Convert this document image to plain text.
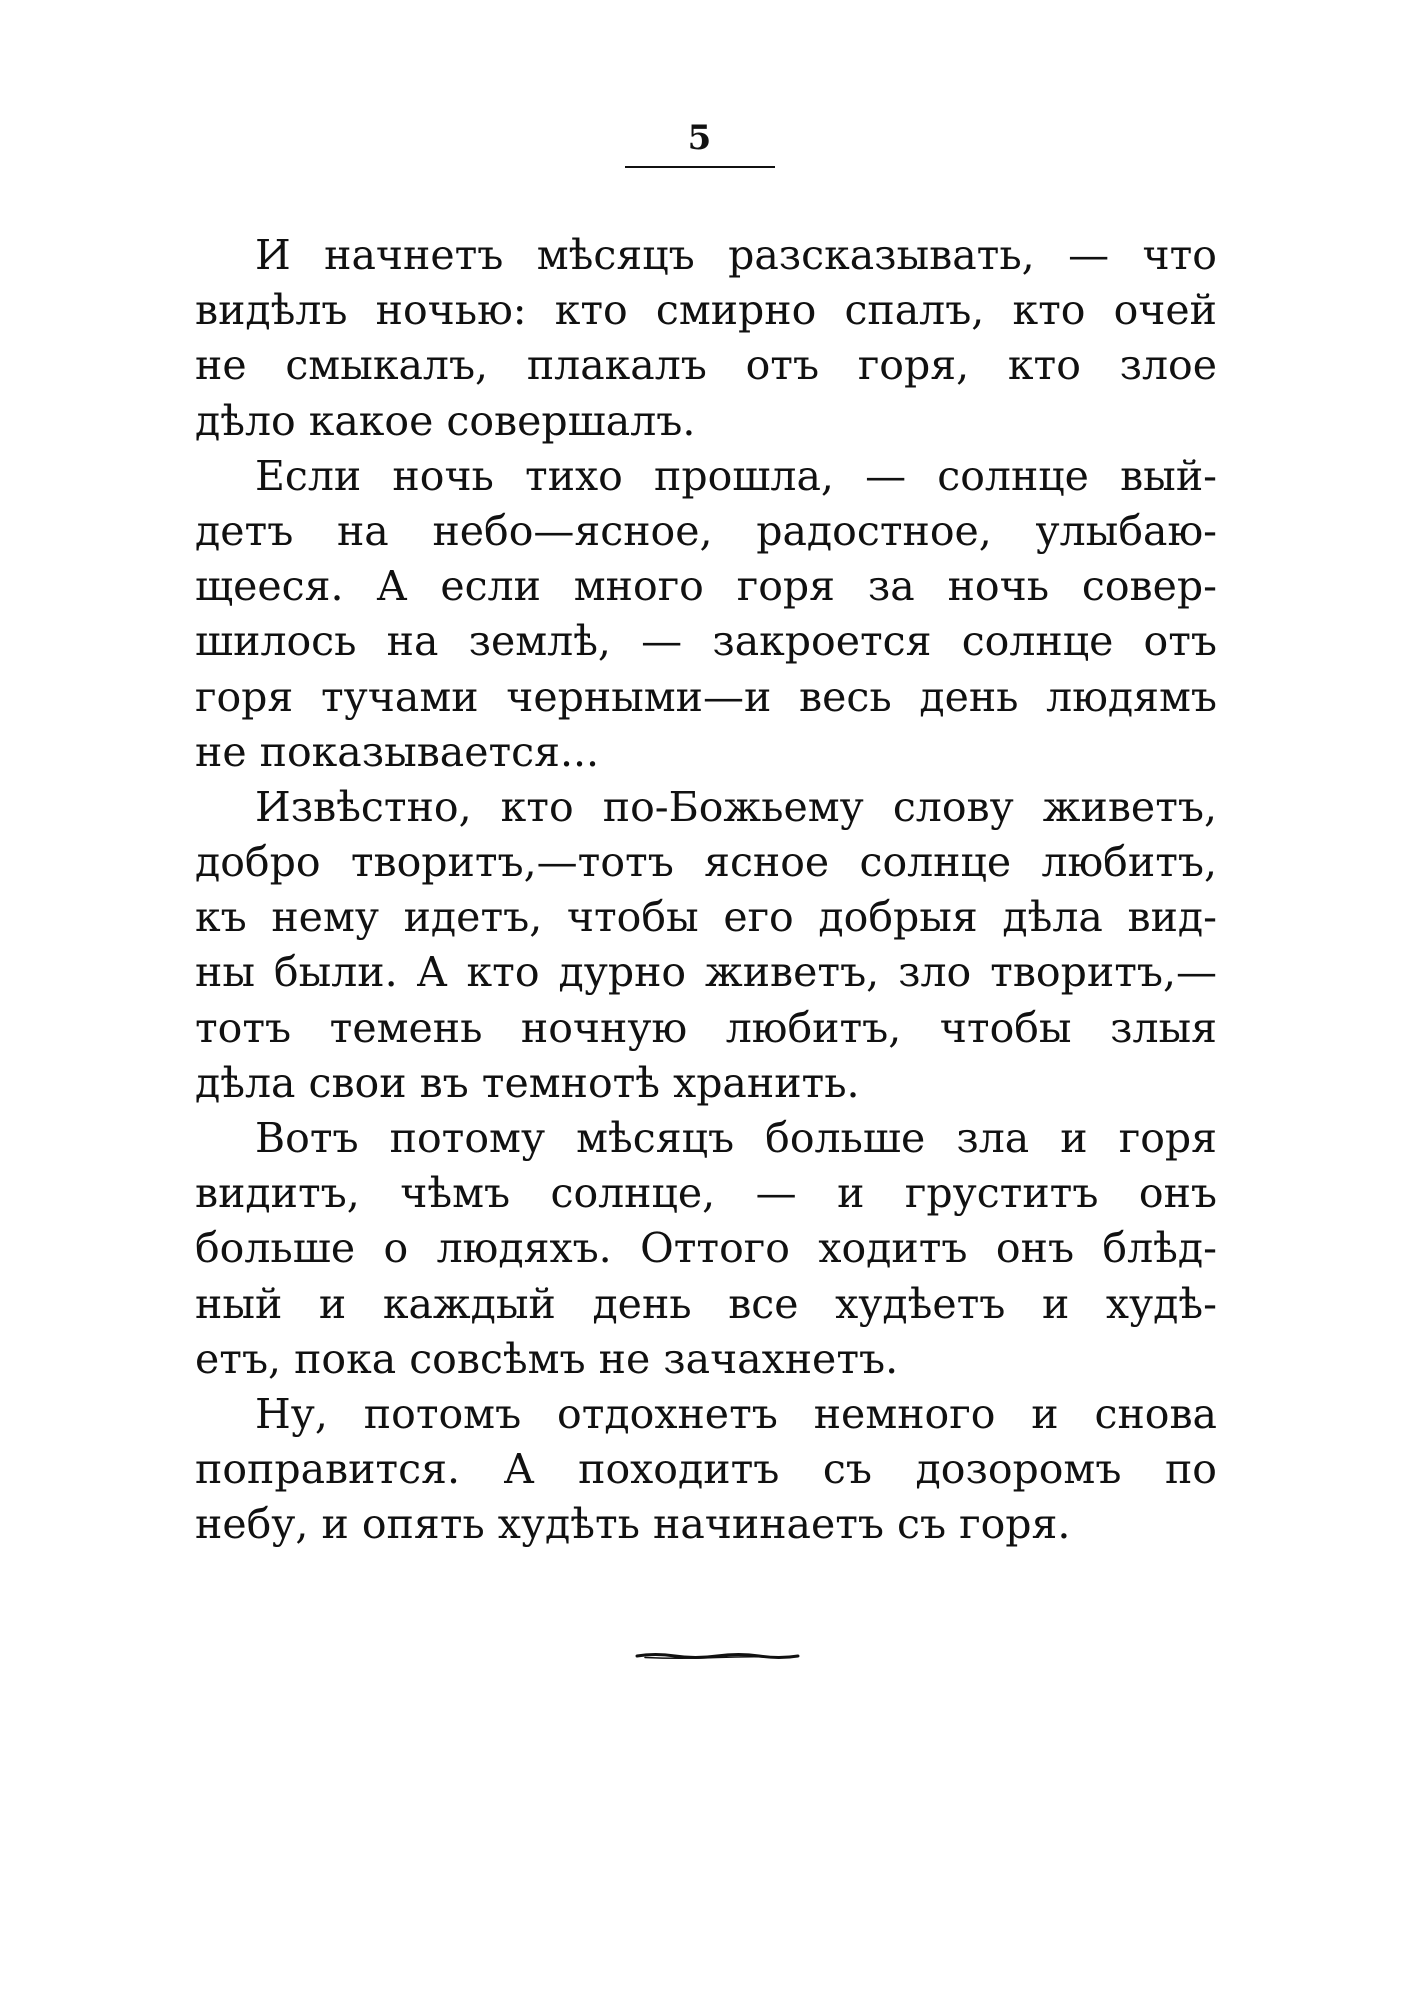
5

И начнетъ мѣсяцъ разсказывать, — что
видѣлъ ночью: кто смирно спалъ, кто очей
не смыкалъ, плакалъ отъ горя, кто злое
дѣло какое совершалъ.

Если ночь тихо прошла, — солнце вый-
детъ на небо—ясное, радостное, улыбаю-
щееся. А если много горя за ночь совер-
шилось на землѣ, — закроется солнце отъ
горя тучами черными—и весь день людямъ
не показывается...

Извѣстно, кто по-Божьему слову живетъ,
добро творитъ,—тотъ ясное солнце любитъ,
къ нему идетъ, чтобы его добрыя дѣла вид-
ны были. А кто дурно живетъ, зло творитъ,—
тотъ темень ночную любитъ, чтобы злыя
дѣла свои въ темнотѣ хранить.

Вотъ потому мѣсяцъ больше зла и горя
видитъ, чѣмъ солнце, — и груститъ онъ
больше о людяхъ. Оттого ходитъ онъ блѣд-
ный и каждый день все худѣетъ и худѣ-
етъ, пока совсѣмъ не зачахнетъ.

Ну, потомъ отдохнетъ немного и снова
поправится. А походитъ съ дозоромъ по
небу, и опять худѣть начинаетъ съ горя.
